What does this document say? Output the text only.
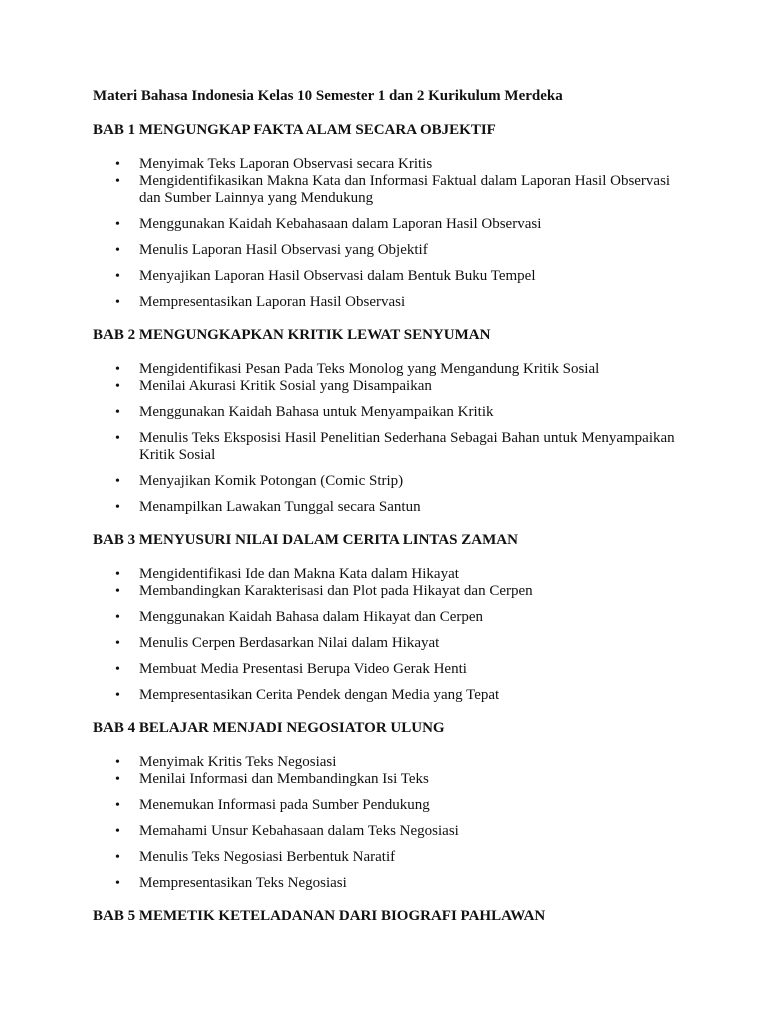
Materi Bahasa Indonesia Kelas 10 Semester 1 dan 2 Kurikulum Merdeka
BAB 1 MENGUNGKAP FAKTA ALAM SECARA OBJEKTIF
• Menyimak Teks Laporan Observasi secara Kritis
• Mengidentifikasikan Makna Kata dan Informasi Faktual dalam Laporan Hasil Observasi dan Sumber Lainnya yang Mendukung
• Menggunakan Kaidah Kebahasaan dalam Laporan Hasil Observasi
• Menulis Laporan Hasil Observasi yang Objektif
• Menyajikan Laporan Hasil Observasi dalam Bentuk Buku Tempel
• Mempresentasikan Laporan Hasil Observasi
BAB 2 MENGUNGKAPKAN KRITIK LEWAT SENYUMAN
• Mengidentifikasi Pesan Pada Teks Monolog yang Mengandung Kritik Sosial
• Menilai Akurasi Kritik Sosial yang Disampaikan
• Menggunakan Kaidah Bahasa untuk Menyampaikan Kritik
• Menulis Teks Eksposisi Hasil Penelitian Sederhana Sebagai Bahan untuk Menyampaikan Kritik Sosial
• Menyajikan Komik Potongan (Comic Strip)
• Menampilkan Lawakan Tunggal secara Santun
BAB 3 MENYUSURI NILAI DALAM CERITA LINTAS ZAMAN
• Mengidentifikasi Ide dan Makna Kata dalam Hikayat
• Membandingkan Karakterisasi dan Plot pada Hikayat dan Cerpen
• Menggunakan Kaidah Bahasa dalam Hikayat dan Cerpen
• Menulis Cerpen Berdasarkan Nilai dalam Hikayat
• Membuat Media Presentasi Berupa Video Gerak Henti
• Mempresentasikan Cerita Pendek dengan Media yang Tepat
BAB 4 BELAJAR MENJADI NEGOSIATOR ULUNG
• Menyimak Kritis Teks Negosiasi
• Menilai Informasi dan Membandingkan Isi Teks
• Menemukan Informasi pada Sumber Pendukung
• Memahami Unsur Kebahasaan dalam Teks Negosiasi
• Menulis Teks Negosiasi Berbentuk Naratif
• Mempresentasikan Teks Negosiasi
BAB 5 MEMETIK KETELADANAN DARI BIOGRAFI PAHLAWAN
